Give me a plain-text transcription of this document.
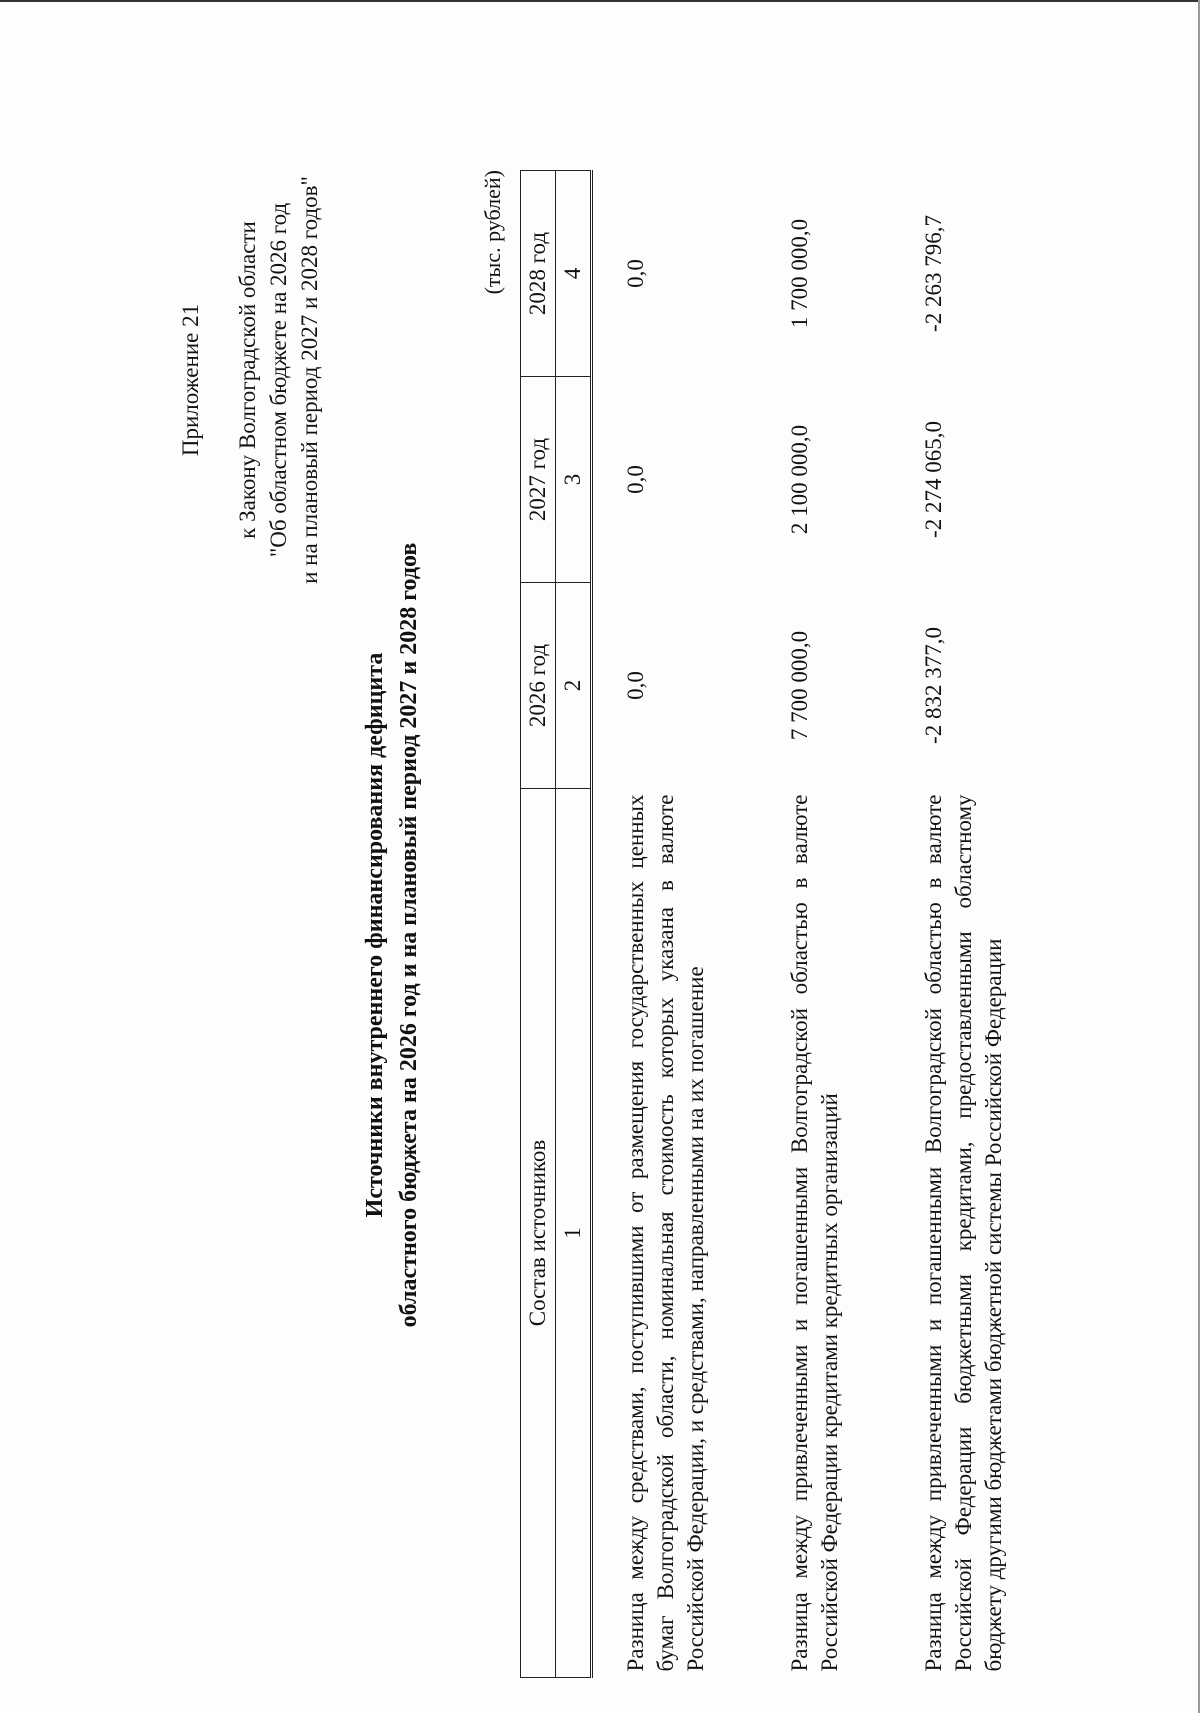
Приложение 21 к Закону Волгоградской области "Об областном бюджете на 2026 год и на плановый период 2027 и 2028 годов"
Источники внутреннего финансирования дефицита областного бюджета на 2026 год и на плановый период 2027 и 2028 годов
(тыс. рублей)
Состав источников	2026 год	2027 год	2028 год
1	2	3	4
Разница между средствами, поступившими от размещения государственных ценных бумаг Волгоградской области, номинальная стоимость которых указана в валюте Российской Федерации, и средствами, направленными на их погашение	0,0	0,0	0,0
Разница между привлеченными и погашенными Волгоградской областью в валюте Российской Федерации кредитами кредитных организаций	7 700 000,0	2 100 000,0	1 700 000,0
Разница между привлеченными и погашенными Волгоградской областью в валюте Российской Федерации бюджетными кредитами, предоставленными областному бюджету другими бюджетами бюджетной системы Российской Федерации	-2 832 377,0	-2 274 065,0	-2 263 796,7
